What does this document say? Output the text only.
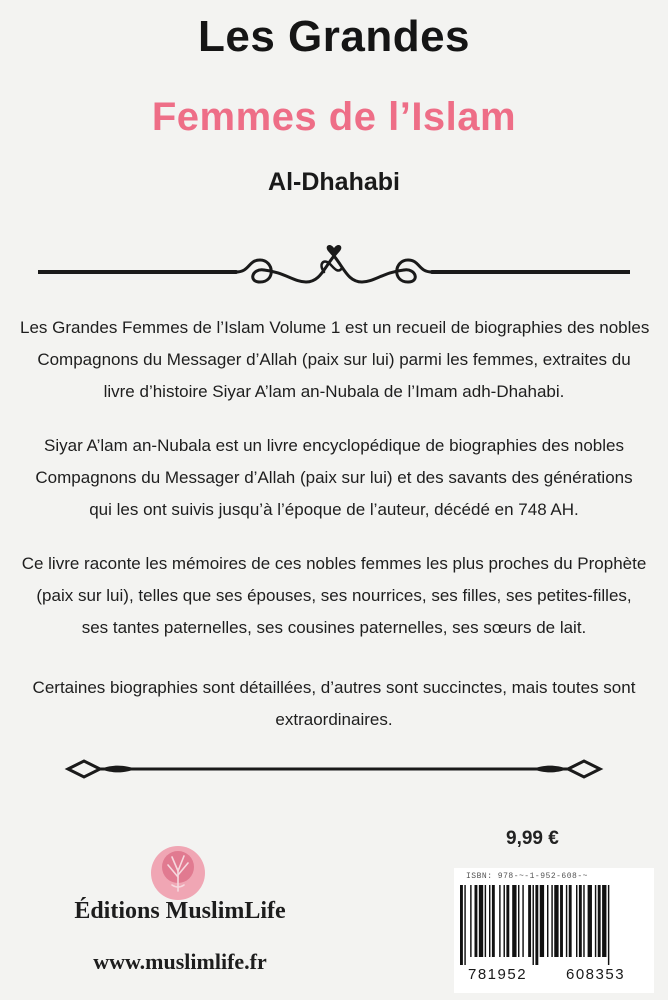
Les Grandes
Femmes de l’Islam
Al-Dhahabi
Les Grandes Femmes de l’Islam Volume 1 est un recueil de biographies des nobles
Compagnons du Messager d’Allah (paix sur lui) parmi les femmes, extraites du
livre d’histoire Siyar A’lam an-Nubala de l’Imam adh-Dhahabi.
Siyar A’lam an-Nubala est un livre encyclopédique de biographies des nobles
Compagnons du Messager d’Allah (paix sur lui) et des savants des générations
qui les ont suivis jusqu’à l’époque de l’auteur, décédé en 748 AH.
Ce livre raconte les mémoires de ces nobles femmes les plus proches du Prophète
(paix sur lui), telles que ses épouses, ses nourrices, ses filles, ses petites-filles,
ses tantes paternelles, ses cousines paternelles, ses sœurs de lait.
Certaines biographies sont détaillées, d’autres sont succinctes, mais toutes sont
extraordinaires.
9,99 €
Éditions MuslimLife
www.muslimlife.fr
ISBN: 978-~-1-952-608-~
781952	608353
